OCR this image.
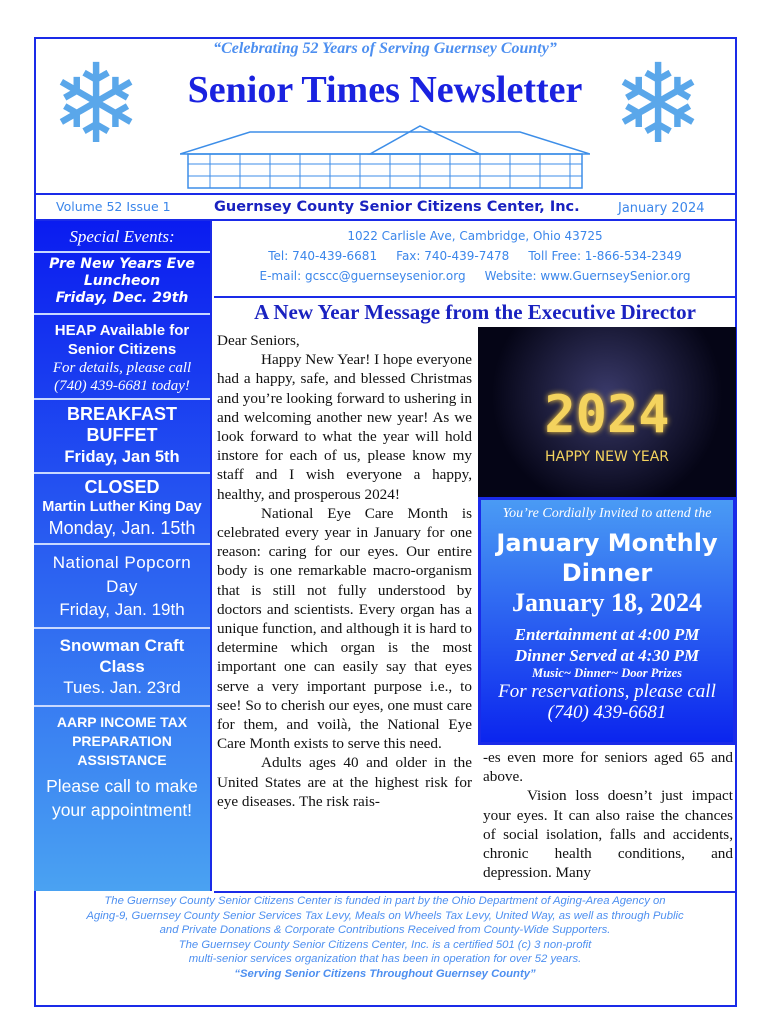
“Celebrating 52 Years of Serving Guernsey County”
Senior Times Newsletter
❄	❄
Volume 52 Issue 1	Guernsey County Senior Citizens Center, Inc.	January 2024
Special Events:
Pre New Years Eve
Luncheon
Friday, Dec. 29th
HEAP Available for Senior Citizens
For details, please call (740) 439-6681 today!
BREAKFAST BUFFET
Friday, Jan 5th
CLOSED
Martin Luther King Day
Monday, Jan. 15th
National Popcorn Day
Friday, Jan. 19th
Snowman Craft Class
Tues. Jan. 23rd
AARP INCOME TAX PREPARATION ASSISTANCE
Please call to make your appointment!
1022 Carlisle Ave, Cambridge, Ohio 43725
Tel: 740-439-6681 Fax: 740-439-7478 Toll Free: 1-866-534-2349
E-mail: gcscc@guernseysenior.org Website: www.GuernseySenior.org
A New Year Message from the Executive Director
Dear Seniors,

Happy New Year! I hope everyone had a happy, safe, and blessed Christmas and you’re looking forward to ushering in and welcoming another new year! As we look forward to what the year will hold instore for each of us, please know my staff and I wish everyone a happy, healthy, and prosperous 2024!

National Eye Care Month is celebrated every year in January for one reason: caring for our eyes. Our entire body is one remarkable macro-organism that is still not fully understood by doctors and scientists. Every organ has a unique function, and although it is hard to determine which organ is the most important one can easily say that eyes serve a very important purpose i.e., to see! So to cherish our eyes, one must care for them, and voilà, the National Eye Care Month exists to serve this need.

Adults ages 40 and older in the United States are at the highest risk for eye diseases. The risk rais-

2024
HAPPY NEW YEAR
You’re Cordially Invited to attend the
January Monthly Dinner
January 18, 2024
Entertainment at 4:00 PM
Dinner Served at 4:30 PM
Music~ Dinner~ Door Prizes
For reservations, please call (740) 439-6681
-es even more for seniors aged 65 and above.

Vision loss doesn’t just impact your eyes. It can also raise the chances of social isolation, falls and accidents, chronic health conditions, and depression. Many

The Guernsey County Senior Citizens Center is funded in part by the Ohio Department of Aging-Area Agency on
Aging-9, Guernsey County Senior Services Tax Levy, Meals on Wheels Tax Levy, United Way, as well as through Public
and Private Donations & Corporate Contributions Received from County-Wide Supporters.
The Guernsey County Senior Citizens Center, Inc. is a certified 501 (c) 3 non-profit
multi-senior services organization that has been in operation for over 52 years.
“Serving Senior Citizens Throughout Guernsey County”
